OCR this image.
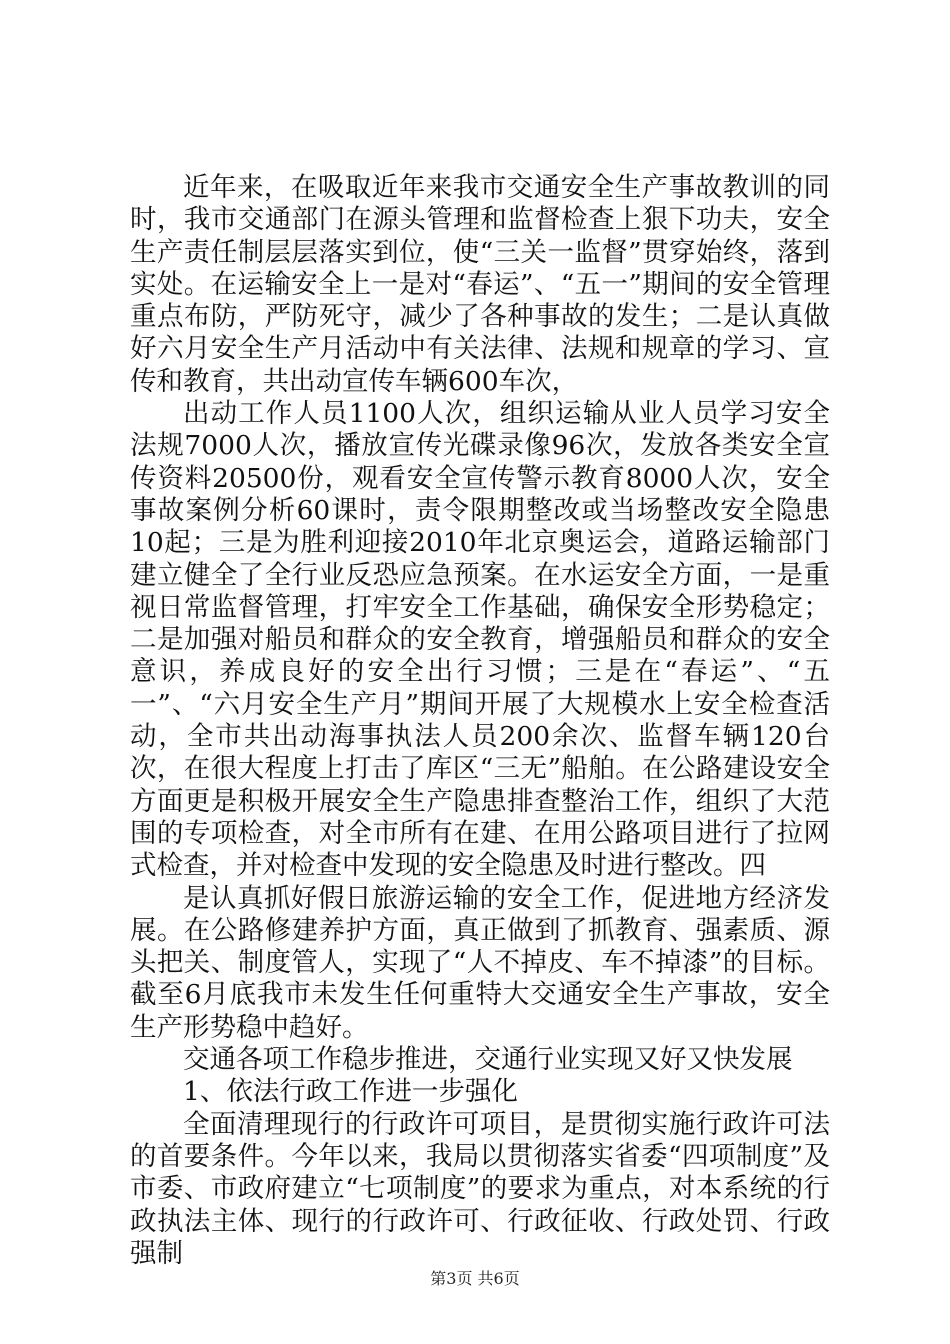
近年来，在吸取近年来我市交通安全生产事故教训的同时，我市交通部门在源头管理和监督检查上狠下功夫，安全生产责任制层层落实到位，使“三关一监督”贯穿始终，落到实处。在运输安全上一是对“春运”、“五一”期间的安全管理重点布防，严防死守，减少了各种事故的发生；二是认真做好六月安全生产月活动中有关法律、法规和规章的学习、宣传和教育，共出动宣传车辆600车次，

出动工作人员1100人次，组织运输从业人员学习安全法规7000人次，播放宣传光碟录像96次，发放各类安全宣传资料20500份，观看安全宣传警示教育8000人次，安全事故案例分析60课时，责令限期整改或当场整改安全隐患10起；三是为胜利迎接2010年北京奥运会，道路运输部门建立健全了全行业反恐应急预案。在水运安全方面，一是重视日常监督管理，打牢安全工作基础，确保安全形势稳定；二是加强对船员和群众的安全教育，增强船员和群众的安全意识，养成良好的安全出行习惯；三是在“春运”、“五一”、“六月安全生产月”期间开展了大规模水上安全检查活动，全市共出动海事执法人员200余次、监督车辆120台次，在很大程度上打击了库区“三无”船舶。在公路建设安全方面更是积极开展安全生产隐患排查整治工作，组织了大范围的专项检查，对全市所有在建、在用公路项目进行了拉网式检查，并对检查中发现的安全隐患及时进行整改。四

是认真抓好假日旅游运输的安全工作，促进地方经济发展。在公路修建养护方面，真正做到了抓教育、强素质、源头把关、制度管人，实现了“人不掉皮、车不掉漆”的目标。截至6月底我市未发生任何重特大交通安全生产事故，安全生产形势稳中趋好。

交通各项工作稳步推进，交通行业实现又好又快发展

1、依法行政工作进一步强化

全面清理现行的行政许可项目，是贯彻实施行政许可法的首要条件。今年以来，我局以贯彻落实省委“四项制度”及市委、市政府建立“七项制度”的要求为重点，对本系统的行政执法主体、现行的行政许可、行政征收、行政处罚、行政强制

第3页 共6页
